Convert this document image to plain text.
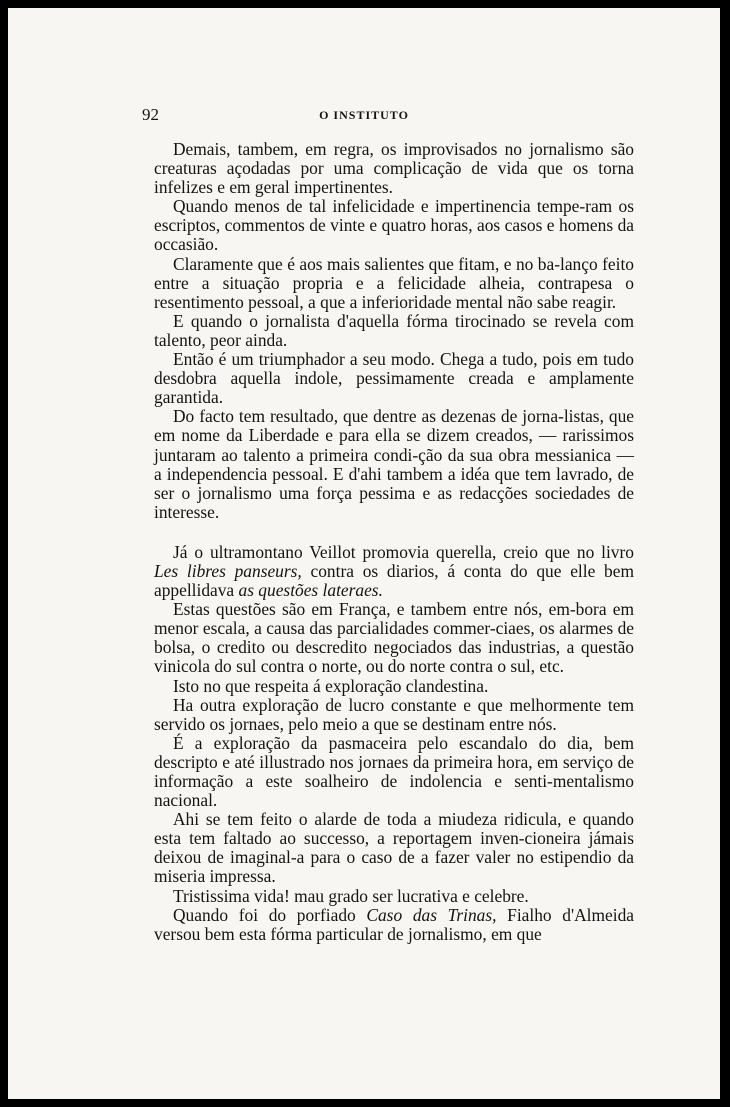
92	O INSTITUTO

Demais, tambem, em regra, os improvisados no jornalismo são creaturas açodadas por uma complicação de vida que os torna infelizes e em geral impertinentes.

Quando menos de tal infelicidade e impertinencia tempe-ram os escriptos, commentos de vinte e quatro horas, aos casos e homens da occasião.

Claramente que é aos mais salientes que fitam, e no ba-lanço feito entre a situação propria e a felicidade alheia, contrapesa o resentimento pessoal, a que a inferioridade mental não sabe reagir.

E quando o jornalista d'aquella fórma tirocinado se revela com talento, peor ainda.

Então é um triumphador a seu modo. Chega a tudo, pois em tudo desdobra aquella indole, pessimamente creada e amplamente garantida.

Do facto tem resultado, que dentre as dezenas de jorna-listas, que em nome da Liberdade e para ella se dizem creados, — rarissimos juntaram ao talento a primeira condi-ção da sua obra messianica — a independencia pessoal. E d'ahi tambem a idéa que tem lavrado, de ser o jornalismo uma força pessima e as redacções sociedades de interesse.

Já o ultramontano Veillot promovia querella, creio que no livro Les libres panseurs, contra os diarios, á conta do que elle bem appellidava as questões lateraes.

Estas questões são em França, e tambem entre nós, em-bora em menor escala, a causa das parcialidades commer-ciaes, os alarmes de bolsa, o credito ou descredito negociados das industrias, a questão vinicola do sul contra o norte, ou do norte contra o sul, etc.

Isto no que respeita á exploração clandestina.

Ha outra exploração de lucro constante e que melhormente tem servido os jornaes, pelo meio a que se destinam entre nós.

É a exploração da pasmaceira pelo escandalo do dia, bem descripto e até illustrado nos jornaes da primeira hora, em serviço de informação a este soalheiro de indolencia e senti-mentalismo nacional.

Ahi se tem feito o alarde de toda a miudeza ridicula, e quando esta tem faltado ao successo, a reportagem inven-cioneira jámais deixou de imaginal-a para o caso de a fazer valer no estipendio da miseria impressa.

Tristissima vida! mau grado ser lucrativa e celebre.

Quando foi do porfiado Caso das Trinas, Fialho d'Almeida versou bem esta fórma particular de jornalismo, em que
